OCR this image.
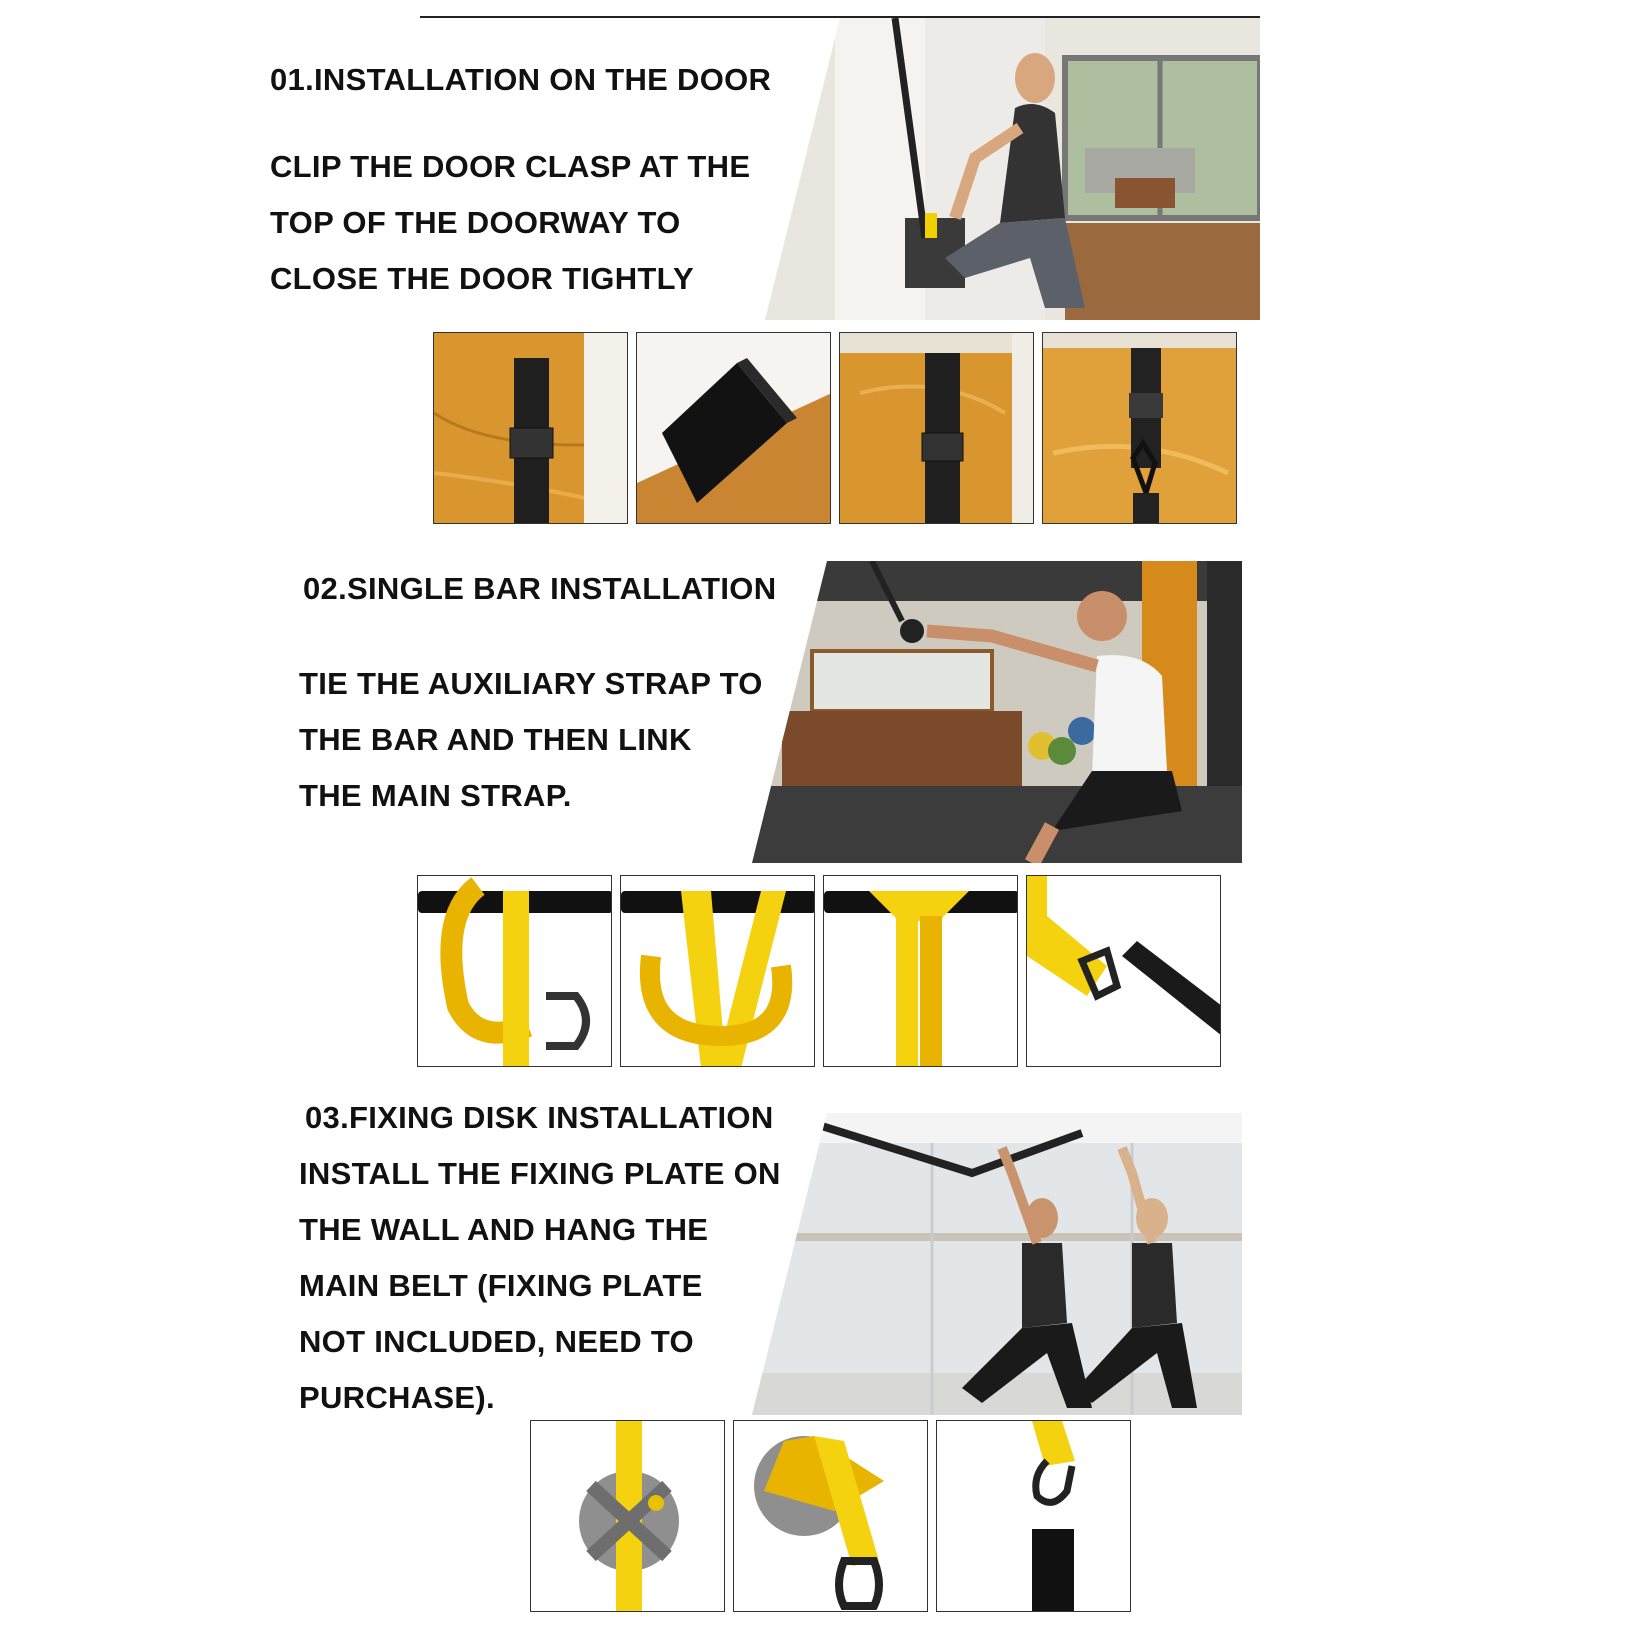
01.INSTALLATION ON THE DOOR
CLIP THE DOOR CLASP AT THE
TOP OF THE DOORWAY TO
CLOSE THE DOOR TIGHTLY
02.SINGLE BAR INSTALLATION
TIE THE AUXILIARY STRAP TO
THE BAR AND THEN LINK
THE MAIN STRAP.
03.FIXING DISK INSTALLATION
INSTALL THE FIXING PLATE ON
THE WALL AND HANG THE
MAIN BELT (FIXING PLATE
NOT INCLUDED, NEED TO
PURCHASE).
